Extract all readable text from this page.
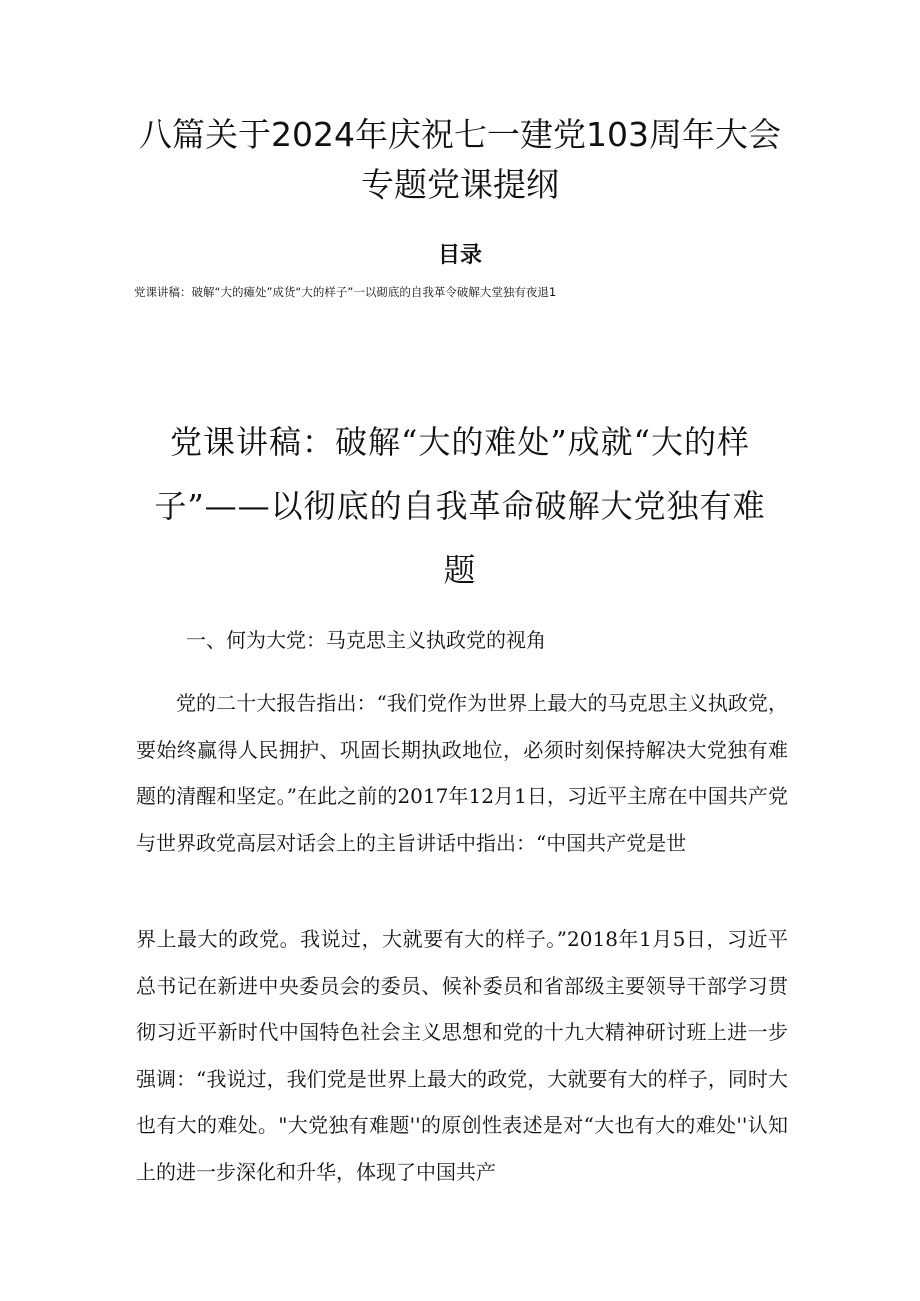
八篇关于2024年庆祝七一建党103周年大会专题党课提纲
目录
党课讲稿：破解“大的瘫处”成货“大的样子”一以砌底的自我革令破解大堂独有夜退1
党课讲稿：破解“大的难处”成就“大的样子”——以彻底的自我革命破解大党独有难题
一、何为大党：马克思主义执政党的视角

党的二十大报告指出：“我们党作为世界上最大的马克思主义执政党，要始终赢得人民拥护、巩固长期执政地位，必须时刻保持解决大党独有难题的清醒和坚定。”在此之前的2017年12月1日，习近平主席在中国共产党与世界政党高层对话会上的主旨讲话中指出：“中国共产党是世

界上最大的政党。我说过，大就要有大的样子。”2018年1月5日，习近平总书记在新进中央委员会的委员、候补委员和省部级主要领导干部学习贯彻习近平新时代中国特色社会主义思想和党的十九大精神研讨班上进一步强调：“我说过，我们党是世界上最大的政党，大就要有大的样子，同时大也有大的难处。"大党独有难题''的原创性表述是对“大也有大的难处''认知上的进一步深化和升华，体现了中国共产
